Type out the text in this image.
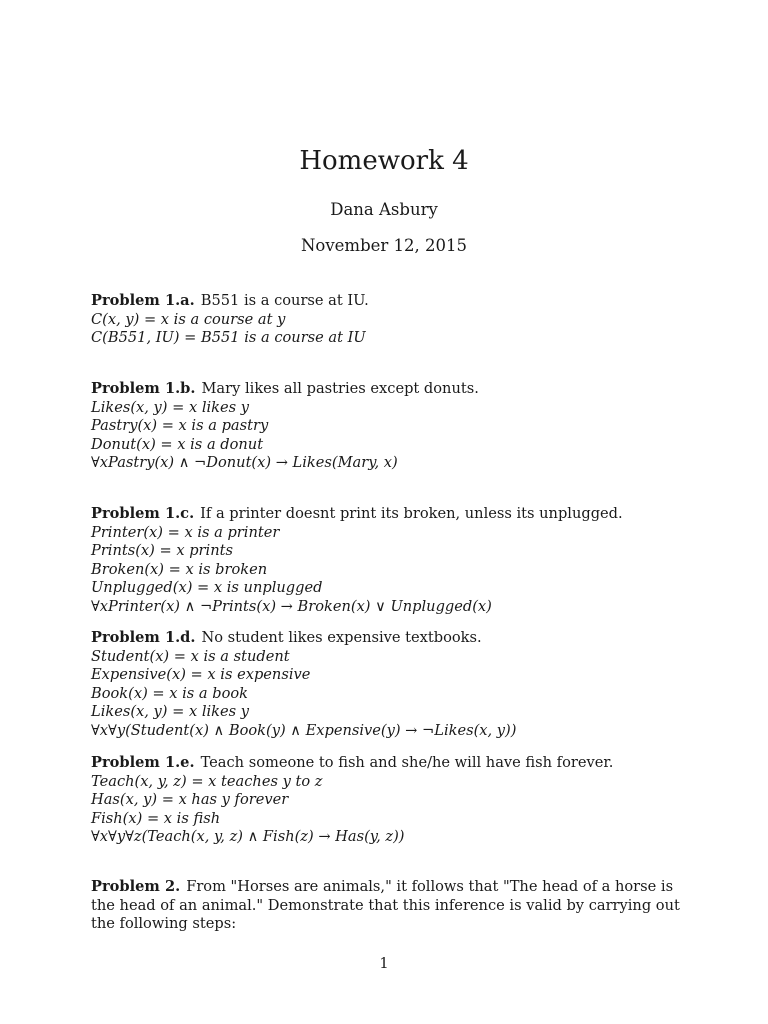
Homework 4
Dana Asbury
November 12, 2015
Problem 1.a. B551 is a course at IU.
C(x, y) = x is a course at y
C(B551, IU) = B551 is a course at IU
Problem 1.b. Mary likes all pastries except donuts.
Likes(x, y) = x likes y
Pastry(x) = x is a pastry
Donut(x) = x is a donut
∀xPastry(x) ∧ ¬Donut(x) → Likes(Mary, x)
Problem 1.c. If a printer doesnt print its broken, unless its unplugged.
Printer(x) = x is a printer
Prints(x) = x prints
Broken(x) = x is broken
Unplugged(x) = x is unplugged
∀xPrinter(x) ∧ ¬Prints(x) → Broken(x) ∨ Unplugged(x)
Problem 1.d. No student likes expensive textbooks.
Student(x) = x is a student
Expensive(x) = x is expensive
Book(x) = x is a book
Likes(x, y) = x likes y
∀x∀y(Student(x) ∧ Book(y) ∧ Expensive(y) → ¬Likes(x, y))
Problem 1.e. Teach someone to fish and she/he will have fish forever.
Teach(x, y, z) = x teaches y to z
Has(x, y) = x has y forever
Fish(x) = x is fish
∀x∀y∀z(Teach(x, y, z) ∧ Fish(z) → Has(y, z))
Problem 2. From "Horses are animals," it follows that "The head of a horse is the head of an animal." Demonstrate that this inference is valid by carrying out the following steps:
1
